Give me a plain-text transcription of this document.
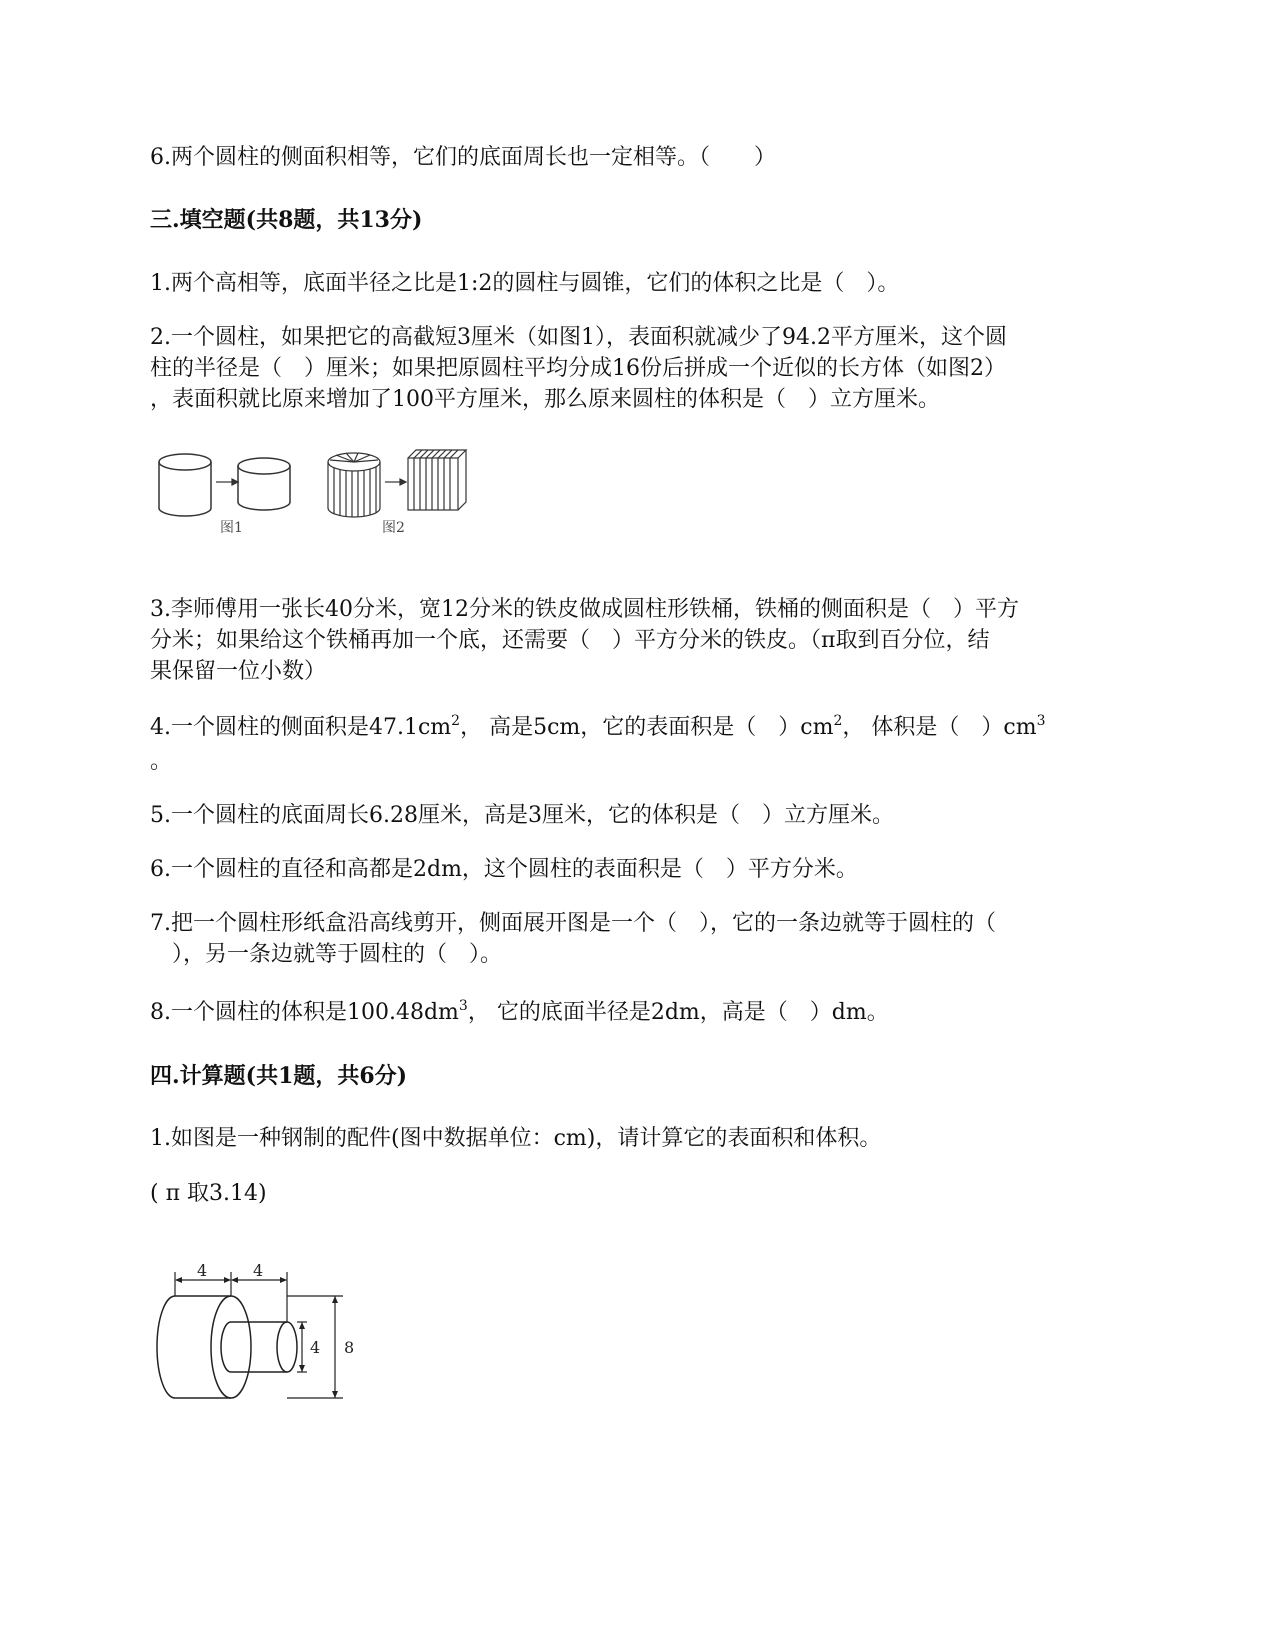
6.两个圆柱的侧面积相等，它们的底面周长也一定相等。（　　）
三.填空题(共8题，共13分)
1.两个高相等，底面半径之比是1:2的圆柱与圆锥，它们的体积之比是（　）。
2.一个圆柱，如果把它的高截短3厘米（如图1），表面积就减少了94.2平方厘米，这个圆
柱的半径是（　）厘米；如果把原圆柱平均分成16份后拼成一个近似的长方体（如图2）
，表面积就比原来增加了100平方厘米，那么原来圆柱的体积是（　）立方厘米。
图1	图2
3.李师傅用一张长40分米，宽12分米的铁皮做成圆柱形铁桶，铁桶的侧面积是（　）平方
分米；如果给这个铁桶再加一个底，还需要（　）平方分米的铁皮。（π取到百分位，结
果保留一位小数）
4.一个圆柱的侧面积是$47.1cm^2$， 高是5cm，它的表面积是（　）$cm^2$， 体积是（　）$cm^3$
。
5.一个圆柱的底面周长6.28厘米，高是3厘米，它的体积是（　）立方厘米。
6.一个圆柱的直径和高都是2dm，这个圆柱的表面积是（　）平方分米。
7.把一个圆柱形纸盒沿高线剪开，侧面展开图是一个（　），它的一条边就等于圆柱的（
　），另一条边就等于圆柱的（　）。
8.一个圆柱的体积是$100.48dm^3$， 它的底面半径是2dm，高是（　）dm。
四.计算题(共1题，共6分)
1.如图是一种钢制的配件(图中数据单位：cm)，请计算它的表面积和体积。
( π 取3.14)
4	4
4 8
